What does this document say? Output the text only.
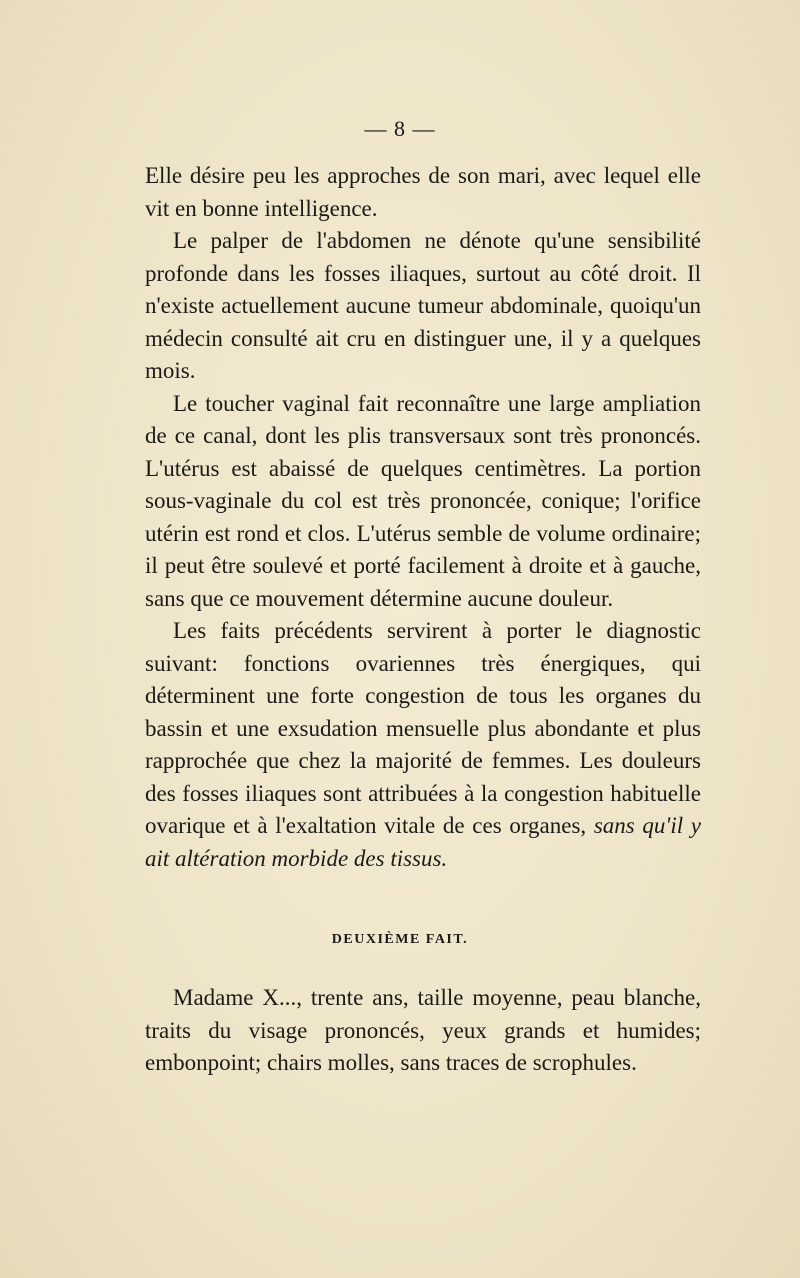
— 8 —

Elle désire peu les approches de son mari, avec lequel elle vit en bonne intelligence.

Le palper de l'abdomen ne dénote qu'une sensibilité profonde dans les fosses iliaques, surtout au côté droit. Il n'existe actuellement aucune tumeur abdominale, quoiqu'un médecin consulté ait cru en distinguer une, il y a quelques mois.

Le toucher vaginal fait reconnaître une large ampliation de ce canal, dont les plis transversaux sont très prononcés. L'utérus est abaissé de quelques centimètres. La portion sous-vaginale du col est très prononcée, conique; l'orifice utérin est rond et clos. L'utérus semble de volume ordinaire; il peut être soulevé et porté facilement à droite et à gauche, sans que ce mouvement détermine aucune douleur.

Les faits précédents servirent à porter le diagnostic suivant: fonctions ovariennes très énergiques, qui déterminent une forte congestion de tous les organes du bassin et une exsudation mensuelle plus abondante et plus rapprochée que chez la majorité de femmes. Les douleurs des fosses iliaques sont attribuées à la congestion habituelle ovarique et à l'exaltation vitale de ces organes, sans qu'il y ait altération morbide des tissus.

DEUXIÈME FAIT.

Madame X..., trente ans, taille moyenne, peau blanche, traits du visage prononcés, yeux grands et humides; embonpoint; chairs molles, sans traces de scrophules.
